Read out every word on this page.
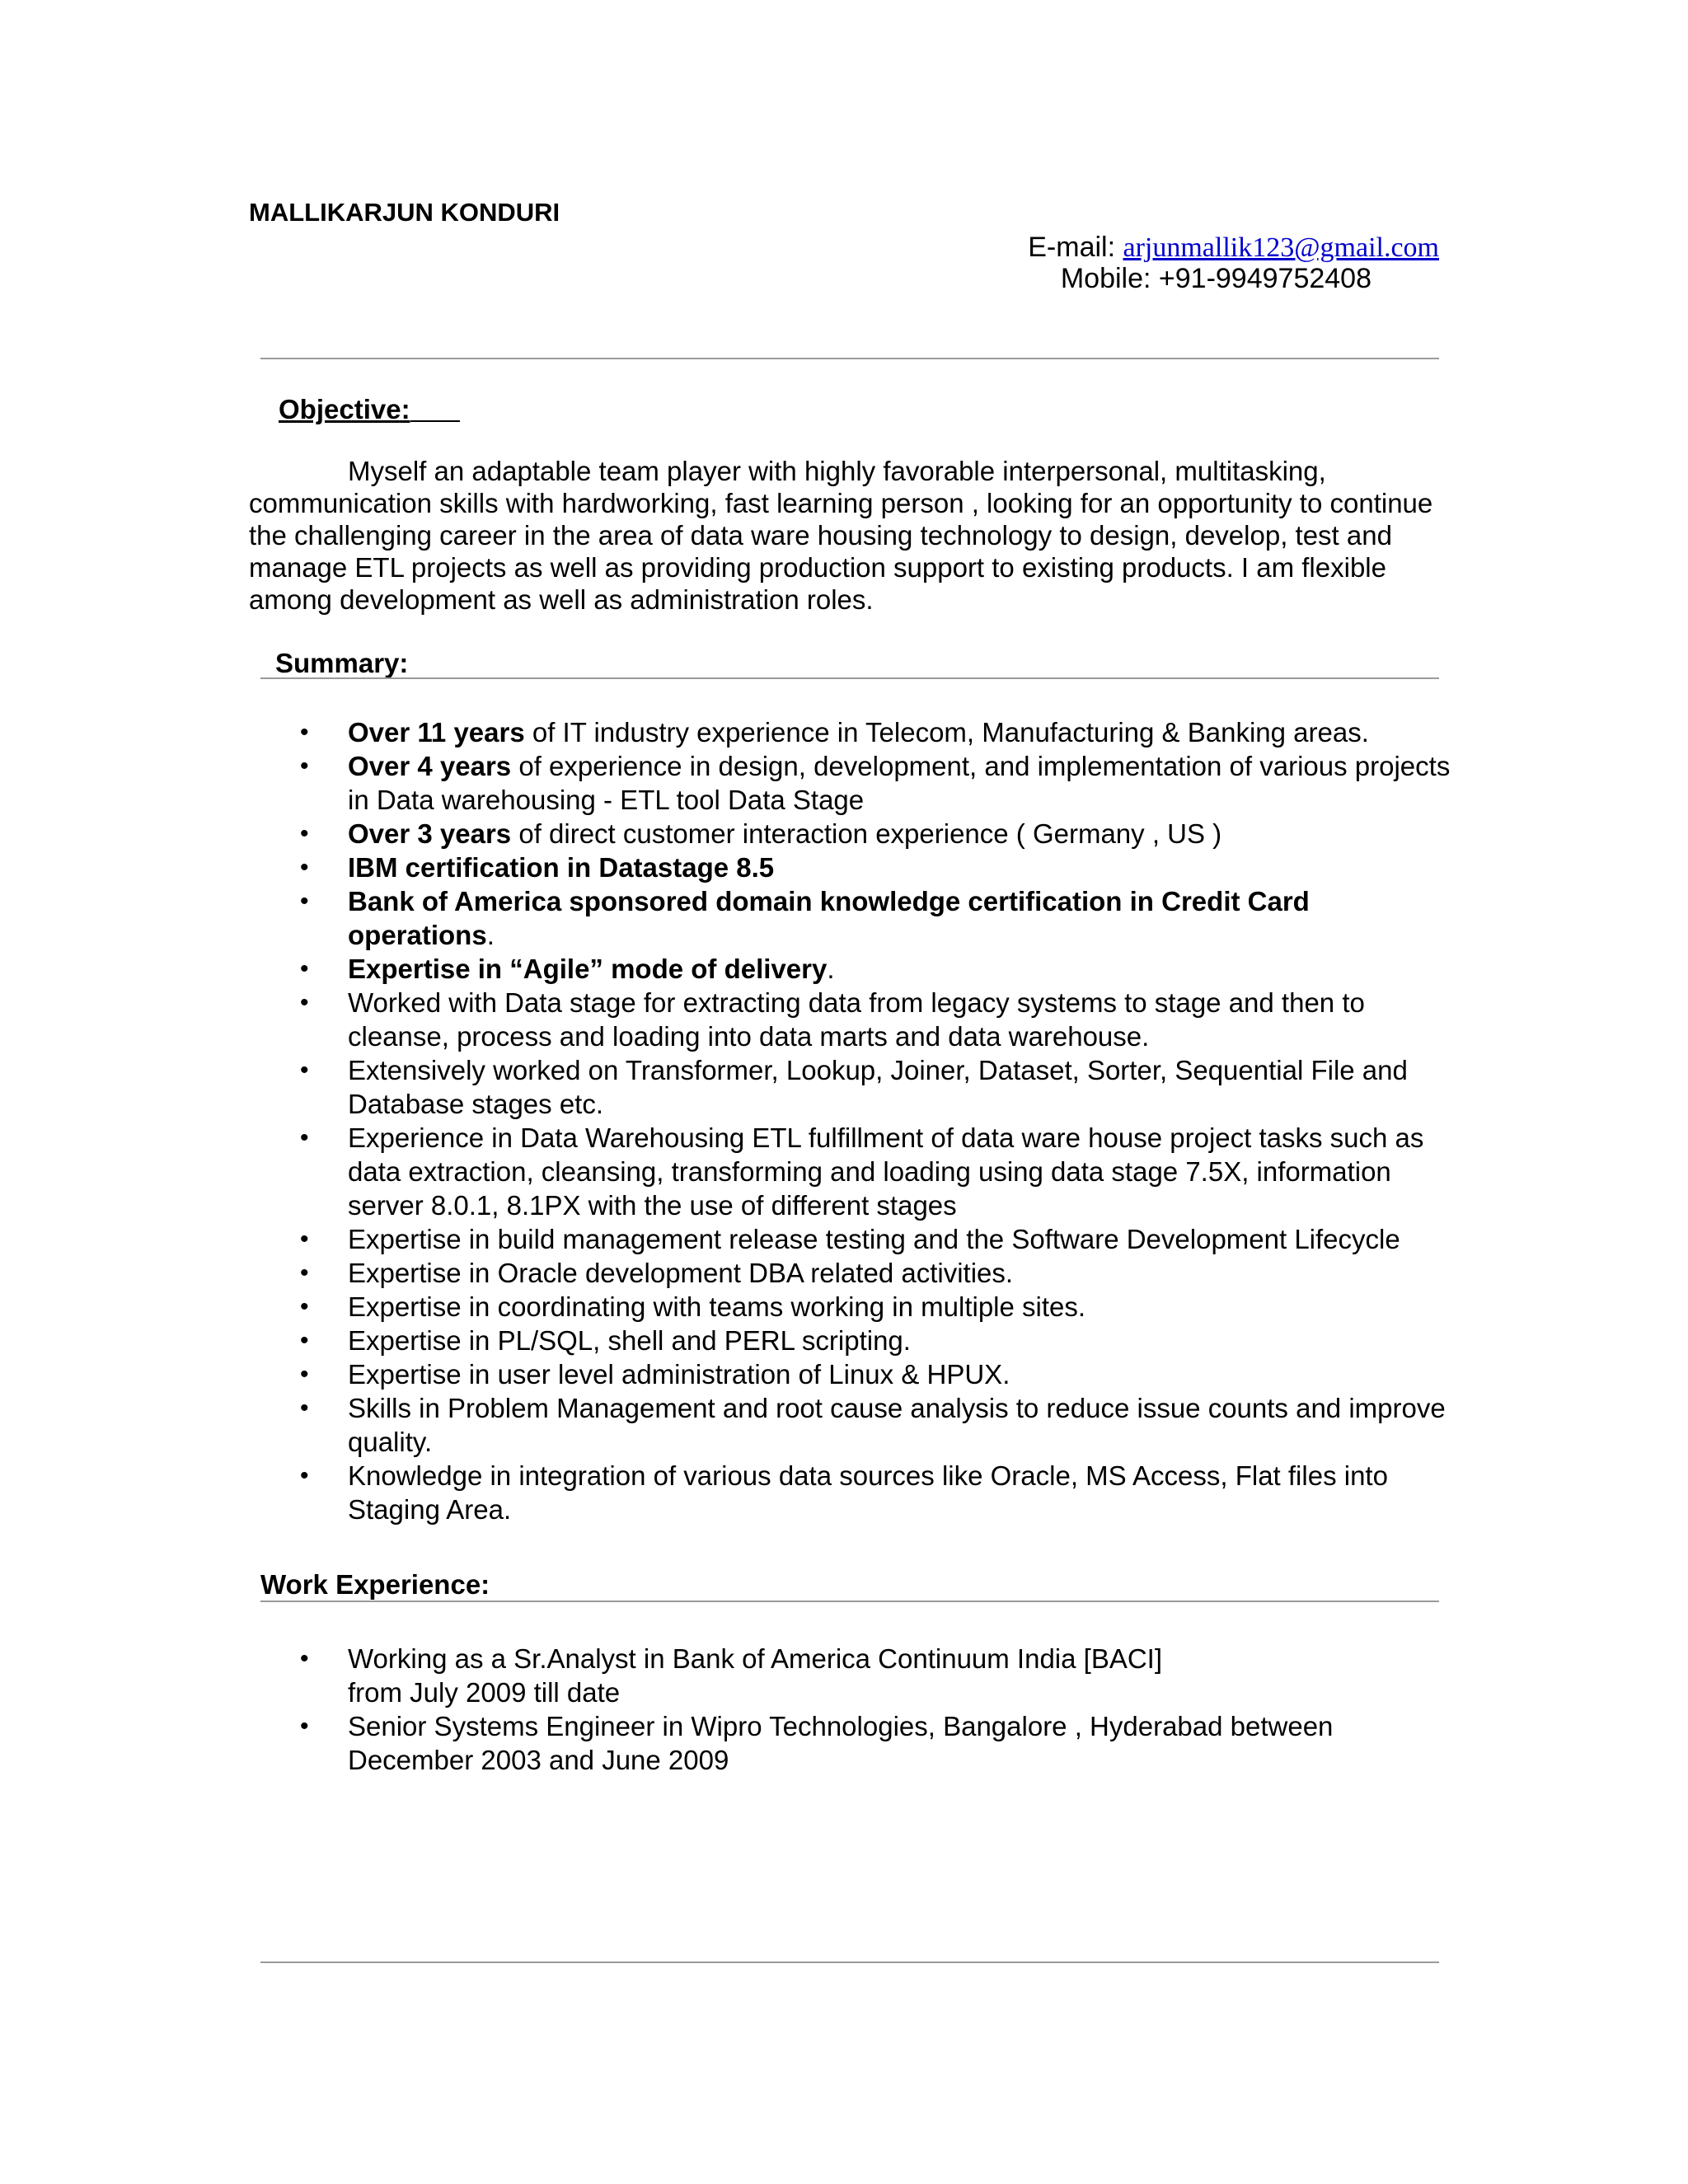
MALLIKARJUN KONDURI
E-mail: arjunmallik123@gmail.com
Mobile: +91-9949752408
Objective:

Myself an adaptable team player with highly favorable interpersonal, multitasking, communication skills with hardworking, fast learning person , looking for an opportunity to continue the challenging career in the area of data ware housing technology to design, develop, test and manage ETL projects as well as providing production support to existing products. I am flexible among development as well as administration roles.

Summary:
• Over 11 years of IT industry experience in Telecom, Manufacturing & Banking areas.
• Over 4 years of experience in design, development, and implementation of various projects in Data warehousing - ETL tool Data Stage
• Over 3 years of direct customer interaction experience ( Germany , US )
• IBM certification in Datastage 8.5
• Bank of America sponsored domain knowledge certification in Credit Card operations.
• Expertise in “Agile” mode of delivery.
• Worked with Data stage for extracting data from legacy systems to stage and then to cleanse, process and loading into data marts and data warehouse.
• Extensively worked on Transformer, Lookup, Joiner, Dataset, Sorter, Sequential File and Database stages etc.
• Experience in Data Warehousing ETL fulfillment of data ware house project tasks such as data extraction, cleansing, transforming and loading using data stage 7.5X, information server 8.0.1, 8.1PX with the use of different stages
• Expertise in build management release testing and the Software Development Lifecycle
• Expertise in Oracle development DBA related activities.
• Expertise in coordinating with teams working in multiple sites.
• Expertise in PL/SQL, shell and PERL scripting.
• Expertise in user level administration of Linux & HPUX.
• Skills in Problem Management and root cause analysis to reduce issue counts and improve quality.
• Knowledge in integration of various data sources like Oracle, MS Access, Flat files into Staging Area.
Work Experience:
• Working as a Sr.Analyst in Bank of America Continuum India [BACI]
from July 2009 till date
• Senior Systems Engineer in Wipro Technologies, Bangalore , Hyderabad between
December 2003 and June 2009
